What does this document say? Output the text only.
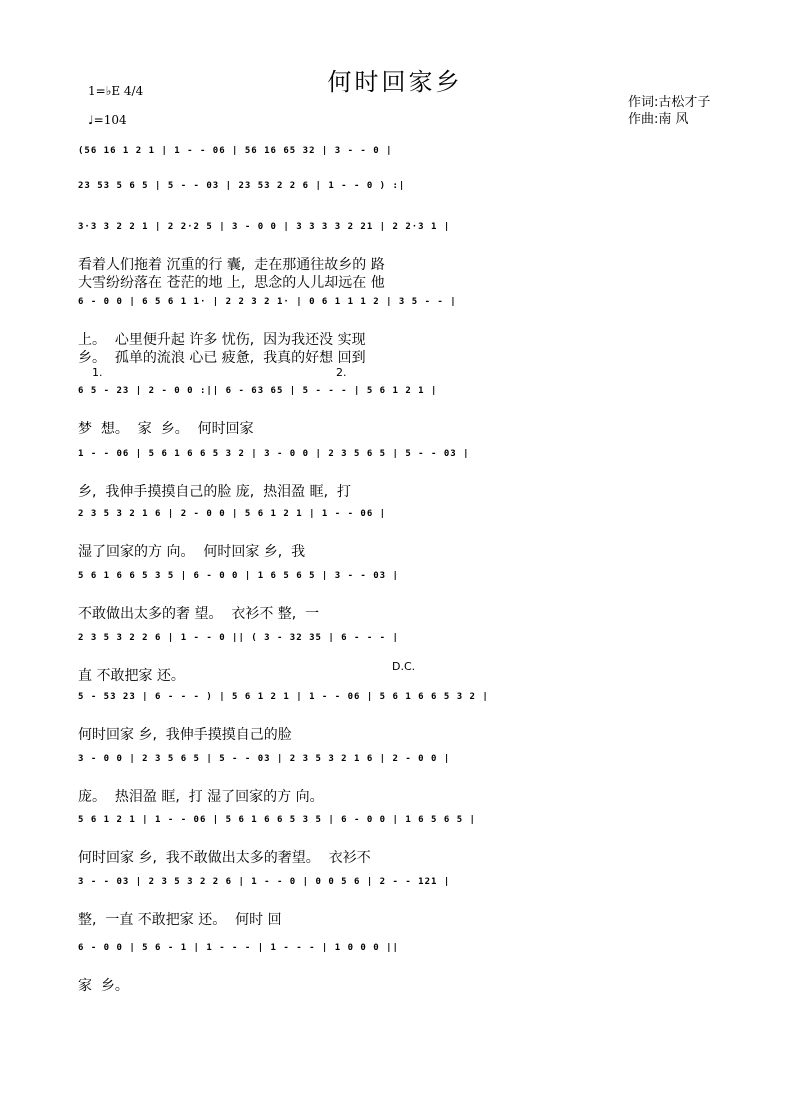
何时回家乡
1=♭E 4/4
♩=104
作词:古松才子
作曲:南 风
(56 16 1 2 1 | 1 - - 06 | 56 16 65 32 | 3 - - 0 |
23 53 5 6 5 | 5 - - 03 | 23 53 2 2 6 | 1 - - 0 ) :|
3·3 3 2 2 1 | 2 2·2 5 | 3 - 0 0 | 3 3 3 3 2 21 | 2 2·3 1 |
看着人们拖着 沉重的行 囊,  走在那通往故乡的 路
大雪纷纷落在 苍茫的地 上,  思念的人儿却远在 他
6 - 0 0 | 6 5 6 1 1· | 2 2 3 2 1· | 0 6 1 1 1 2 | 3 5 - - |
上。  心里便升起 许多 忧伤,  因为我还没 实现
乡。  孤单的流浪 心已 疲惫,  我真的好想 回到
6 5 - 23 | 2 - 0 0 :|| 6 - 63 65 | 5 - - - | 5 6 1 2 1 |
梦  想。  家  乡。  何时回家
1 - - 06 | 5 6 1 6 6 5 3 2 | 3 - 0 0 | 2 3 5 6 5 | 5 - - 03 |
乡,  我伸手摸摸自己的脸 庞,  热泪盈 眶,  打
2 3 5 3 2 1 6 | 2 - 0 0 | 5 6 1 2 1 | 1 - - 06 |
湿了回家的方 向。  何时回家 乡,  我
5 6 1 6 6 5 3 5 | 6 - 0 0 | 1 6 5 6 5 | 3 - - 03 |
不敢做出太多的奢 望。  衣衫不 整,  一
2 3 5 3 2 2 6 | 1 - - 0 || ( 3 - 32 35 | 6 - - - |
直 不敢把家 还。
5 - 53 23 | 6 - - - ) | 5 6 1 2 1 | 1 - - 06 | 5 6 1 6 6 5 3 2 |
何时回家 乡,  我伸手摸摸自己的脸
3 - 0 0 | 2 3 5 6 5 | 5 - - 03 | 2 3 5 3 2 1 6 | 2 - 0 0 |
庞。  热泪盈 眶,  打 湿了回家的方 向。
5 6 1 2 1 | 1 - - 06 | 5 6 1 6 6 5 3 5 | 6 - 0 0 | 1 6 5 6 5 |
何时回家 乡,  我不敢做出太多的奢望。  衣衫不
3 - - 03 | 2 3 5 3 2 2 6 | 1 - - 0 | 0 0 5 6 | 2 - - 121 |
整,  一直 不敢把家 还。  何时 回
6 - 0 0 | 5 6 - 1 | 1 - - - | 1 - - - | 1 0 0 0 ||
家  乡。
1.	2.
D.C.
